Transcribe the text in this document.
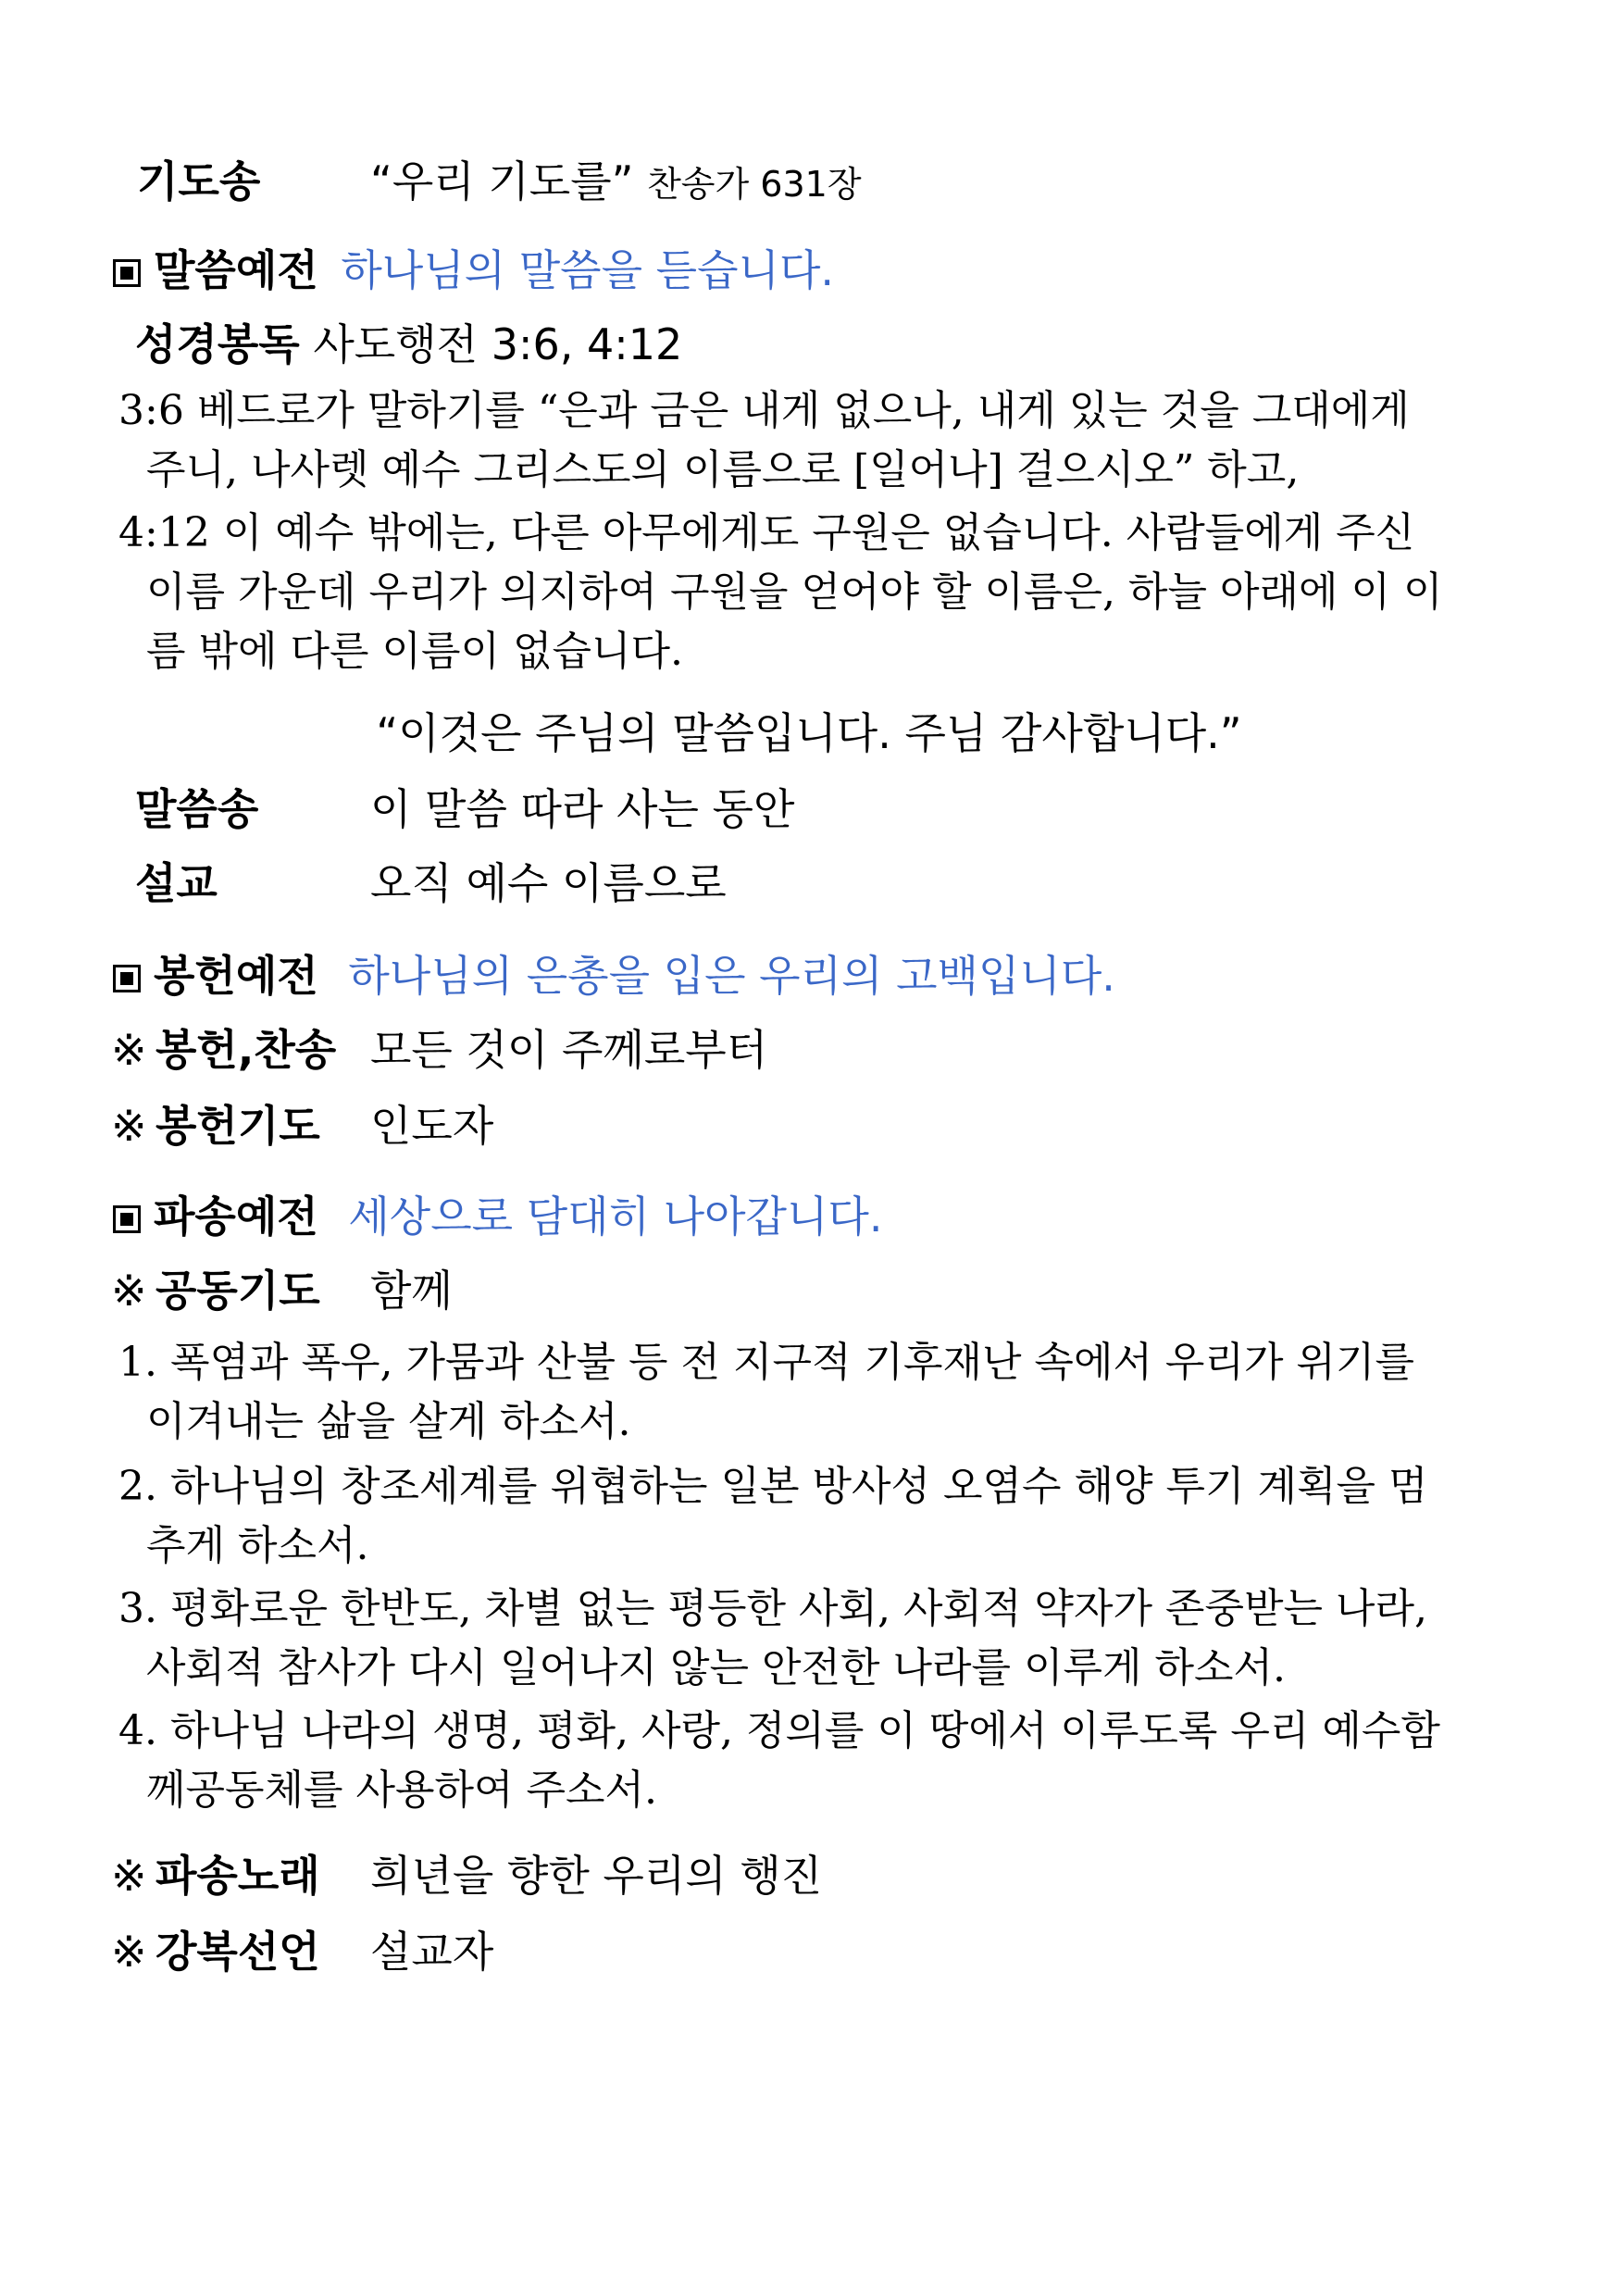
기도송	“우리 기도를” 찬송가 631장
말씀예전 하나님의 말씀을 듣습니다.
성경봉독 사도행전 3:6, 4:12
3:6 베드로가 말하기를 “은과 금은 내게 없으나, 내게 있는 것을 그대에게
주니, 나사렛 예수 그리스도의 이름으로 [일어나] 걸으시오” 하고,
4:12 이 예수 밖에는, 다른 아무에게도 구원은 없습니다. 사람들에게 주신
이름 가운데 우리가 의지하여 구원을 얻어야 할 이름은, 하늘 아래에 이 이
름 밖에 다른 이름이 없습니다.
“이것은 주님의 말씀입니다. 주님 감사합니다.”
말씀송	이 말씀 따라 사는 동안
설교	오직 예수 이름으로
봉헌예전 하나님의 은총을 입은 우리의 고백입니다.
※ 봉헌,찬송 모든 것이 주께로부터
※ 봉헌기도 인도자
파송예전 세상으로 담대히 나아갑니다.
※ 공동기도 함께
1. 폭염과 폭우, 가뭄과 산불 등 전 지구적 기후재난 속에서 우리가 위기를
이겨내는 삶을 살게 하소서.
2. 하나님의 창조세계를 위협하는 일본 방사성 오염수 해양 투기 계획을 멈
추게 하소서.
3. 평화로운 한반도, 차별 없는 평등한 사회, 사회적 약자가 존중받는 나라,
사회적 참사가 다시 일어나지 않는 안전한 나라를 이루게 하소서.
4. 하나님 나라의 생명, 평화, 사랑, 정의를 이 땅에서 이루도록 우리 예수함
께공동체를 사용하여 주소서.
※ 파송노래 희년을 향한 우리의 행진
※ 강복선언 설교자
